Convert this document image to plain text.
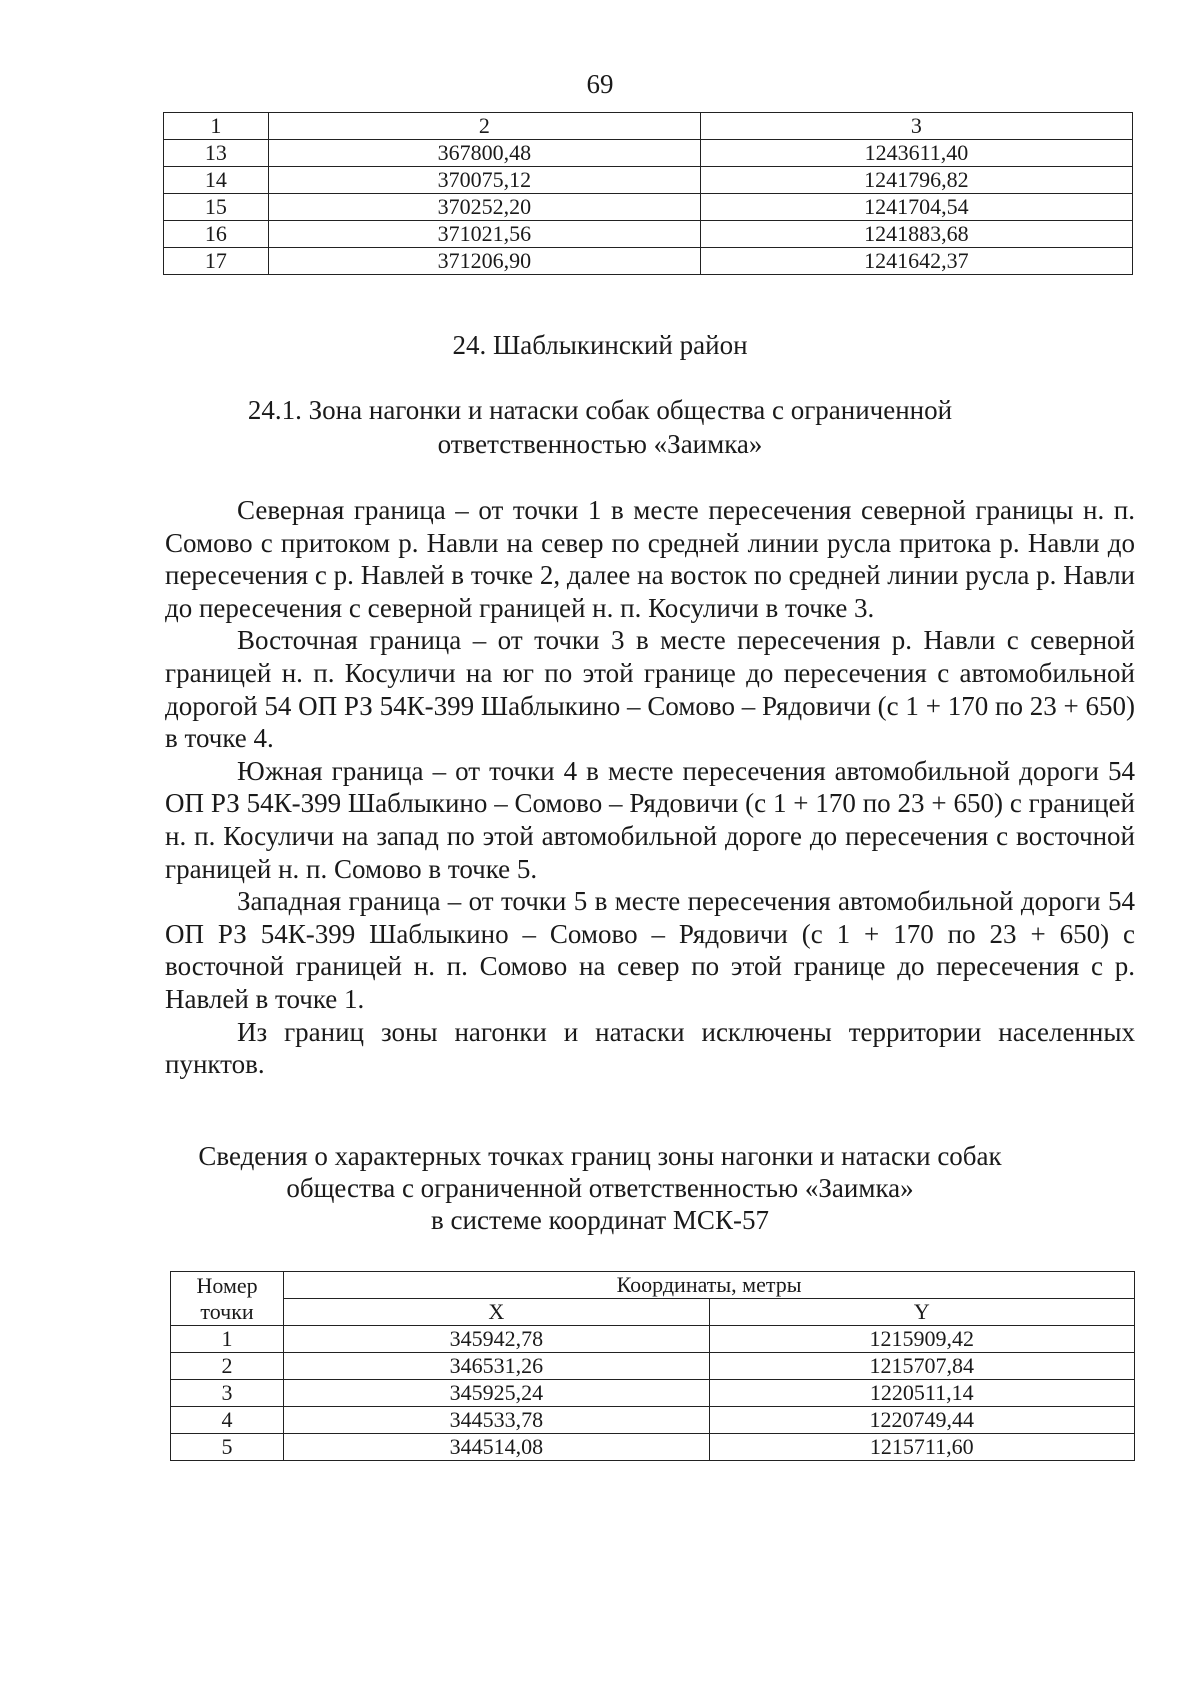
69
1	2	3
13	367800,48	1243611,40
14	370075,12	1241796,82
15	370252,20	1241704,54
16	371021,56	1241883,68
17	371206,90	1241642,37
24. Шаблыкинский район
24.1. Зона нагонки и натаски собак общества с ограниченной
ответственностью «Заимка»

Северная граница – от точки 1 в месте пересечения северной границы н. п. Сомово с притоком р. Навли на север по средней линии русла притока р. Навли до пересечения с р. Навлей в точке 2, далее на восток по средней линии русла р. Навли до пересечения с северной границей н. п. Косуличи в точке 3.

Восточная граница – от точки 3 в месте пересечения р. Навли с северной границей н. п. Косуличи на юг по этой границе до пересечения с автомобильной дорогой 54 ОП РЗ 54К-399 Шаблыкино – Сомово – Рядовичи (с 1 + 170 по 23 + 650) в точке 4.

Южная граница – от точки 4 в месте пересечения автомобильной дороги 54 ОП РЗ 54К-399 Шаблыкино – Сомово – Рядовичи (с 1 + 170 по 23 + 650) с границей н. п. Косуличи на запад по этой автомобильной дороге до пересечения с восточной границей н. п. Сомово в точке 5.

Западная граница – от точки 5 в месте пересечения автомобильной дороги 54 ОП РЗ 54К-399 Шаблыкино – Сомово – Рядовичи (с 1 + 170 по 23 + 650) с восточной границей н. п. Сомово на север по этой границе до пересечения с р. Навлей в точке 1.

Из границ зоны нагонки и натаски исключены территории населенных пунктов.

Сведения о характерных точках границ зоны нагонки и натаски собак
общества с ограниченной ответственностью «Заимка»
в системе координат МСК-57
Номер
точки	Координаты, метры	
	X	Y
1	345942,78	1215909,42
2	346531,26	1215707,84
3	345925,24	1220511,14
4	344533,78	1220749,44
5	344514,08	1215711,60
